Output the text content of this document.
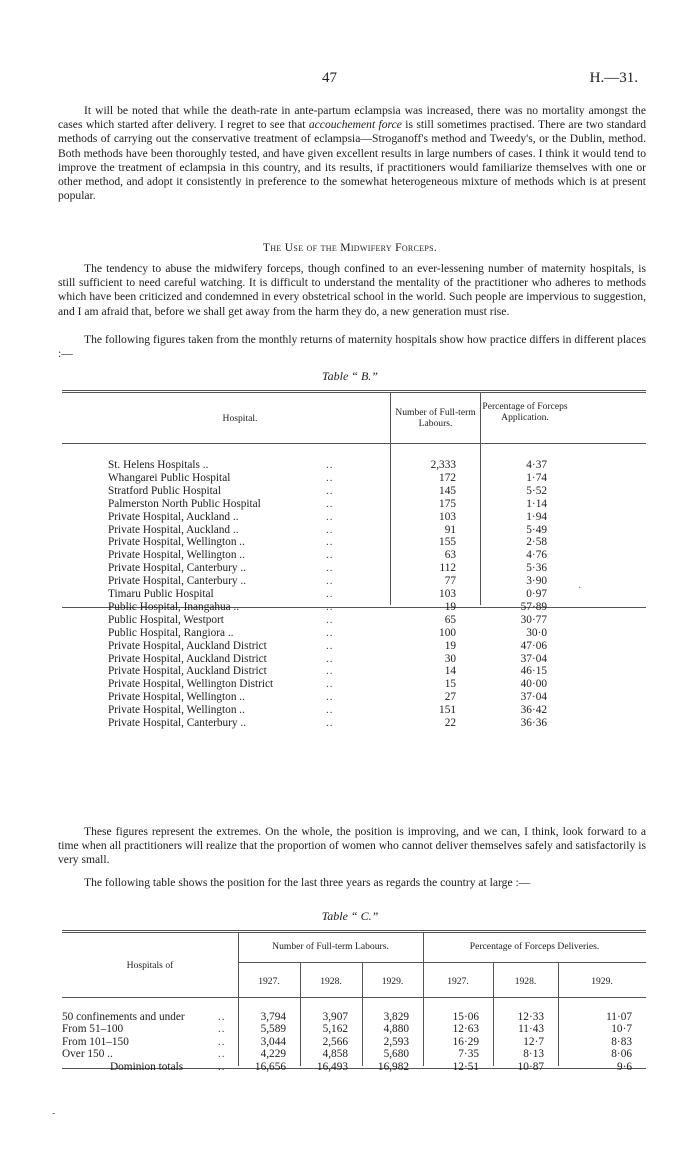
47	H.—31.

It will be noted that while the death-rate in ante-partum eclampsia was increased, there was no mortality amongst the cases which started after delivery. I regret to see that accouchement force is still sometimes practised. There are two standard methods of carrying out the conservative treatment of eclampsia—Stroganoff's method and Tweedy's, or the Dublin, method. Both methods have been thoroughly tested, and have given excellent results in large numbers of cases. I think it would tend to improve the treatment of eclampsia in this country, and its results, if practitioners would familiarize themselves with one or other method, and adopt it consistently in preference to the somewhat heterogeneous mixture of methods which is at present popular.

The Use of the Midwifery Forceps.

The tendency to abuse the midwifery forceps, though confined to an ever-lessening number of maternity hospitals, is still sufficient to need careful watching. It is difficult to understand the mentality of the practitioner who adheres to methods which have been criticized and condemned in every obstetrical school in the world. Such people are impervious to suggestion, and I am afraid that, before we shall get away from the harm they do, a new generation must rise.

The following figures taken from the monthly returns of maternity hospitals show how practice differs in different places :—

Table “ B.”
Hospital.
Number of Full-term Labours.
Percentage of Forceps Application.
St. Helens Hospitals ..	..	2,333	4·37
Whangarei Public Hospital	..	172	1·74
Stratford Public Hospital	..	145	5·52
Palmerston North Public Hospital	..	175	1·14
Private Hospital, Auckland ..	..	103	1·94
Private Hospital, Auckland ..	..	91	5·49
Private Hospital, Wellington ..	..	155	2·58
Private Hospital, Wellington ..	..	63	4·76
Private Hospital, Canterbury ..	..	112	5·36
Private Hospital, Canterbury ..	..	77	3·90
Timaru Public Hospital	..	103	0·97
Public Hospital, Inangahua ..	..	19	57·89
Public Hospital, Westport	..	65	30·77
Public Hospital, Rangiora ..	..	100	30·0
Private Hospital, Auckland District	..	19	47·06
Private Hospital, Auckland District	..	30	37·04
Private Hospital, Auckland District	..	14	46·15
Private Hospital, Wellington District	..	15	40·00
Private Hospital, Wellington ..	..	27	37·04
Private Hospital, Wellington ..	..	151	36·42
Private Hospital, Canterbury ..	..	22	36·36
·

These figures represent the extremes. On the whole, the position is improving, and we can, I think, look forward to a time when all practitioners will realize that the proportion of women who cannot deliver themselves safely and satisfactorily is very small.

The following table shows the position for the last three years as regards the country at large :—

Table “ C.”
Hospitals of
Number of Full-term Labours.	Percentage of Forceps Deliveries.
1927.	1928.	1929.	1927.	1928.	1929.
50 confinements and under	..	3,794	3,907	3,829	15·06	12·33	11·07
From 51–100	..	5,589	5,162	4,880	12·63	11·43	10·7
From 101–150	..	3,044	2,566	2,593	16·29	12·7	8·83
Over 150 ..	..	4,229	4,858	5,680	7·35	8·13	8·06
Dominion totals	..	16,656	16,493	16,982	12·51	10·87	9·6
-
